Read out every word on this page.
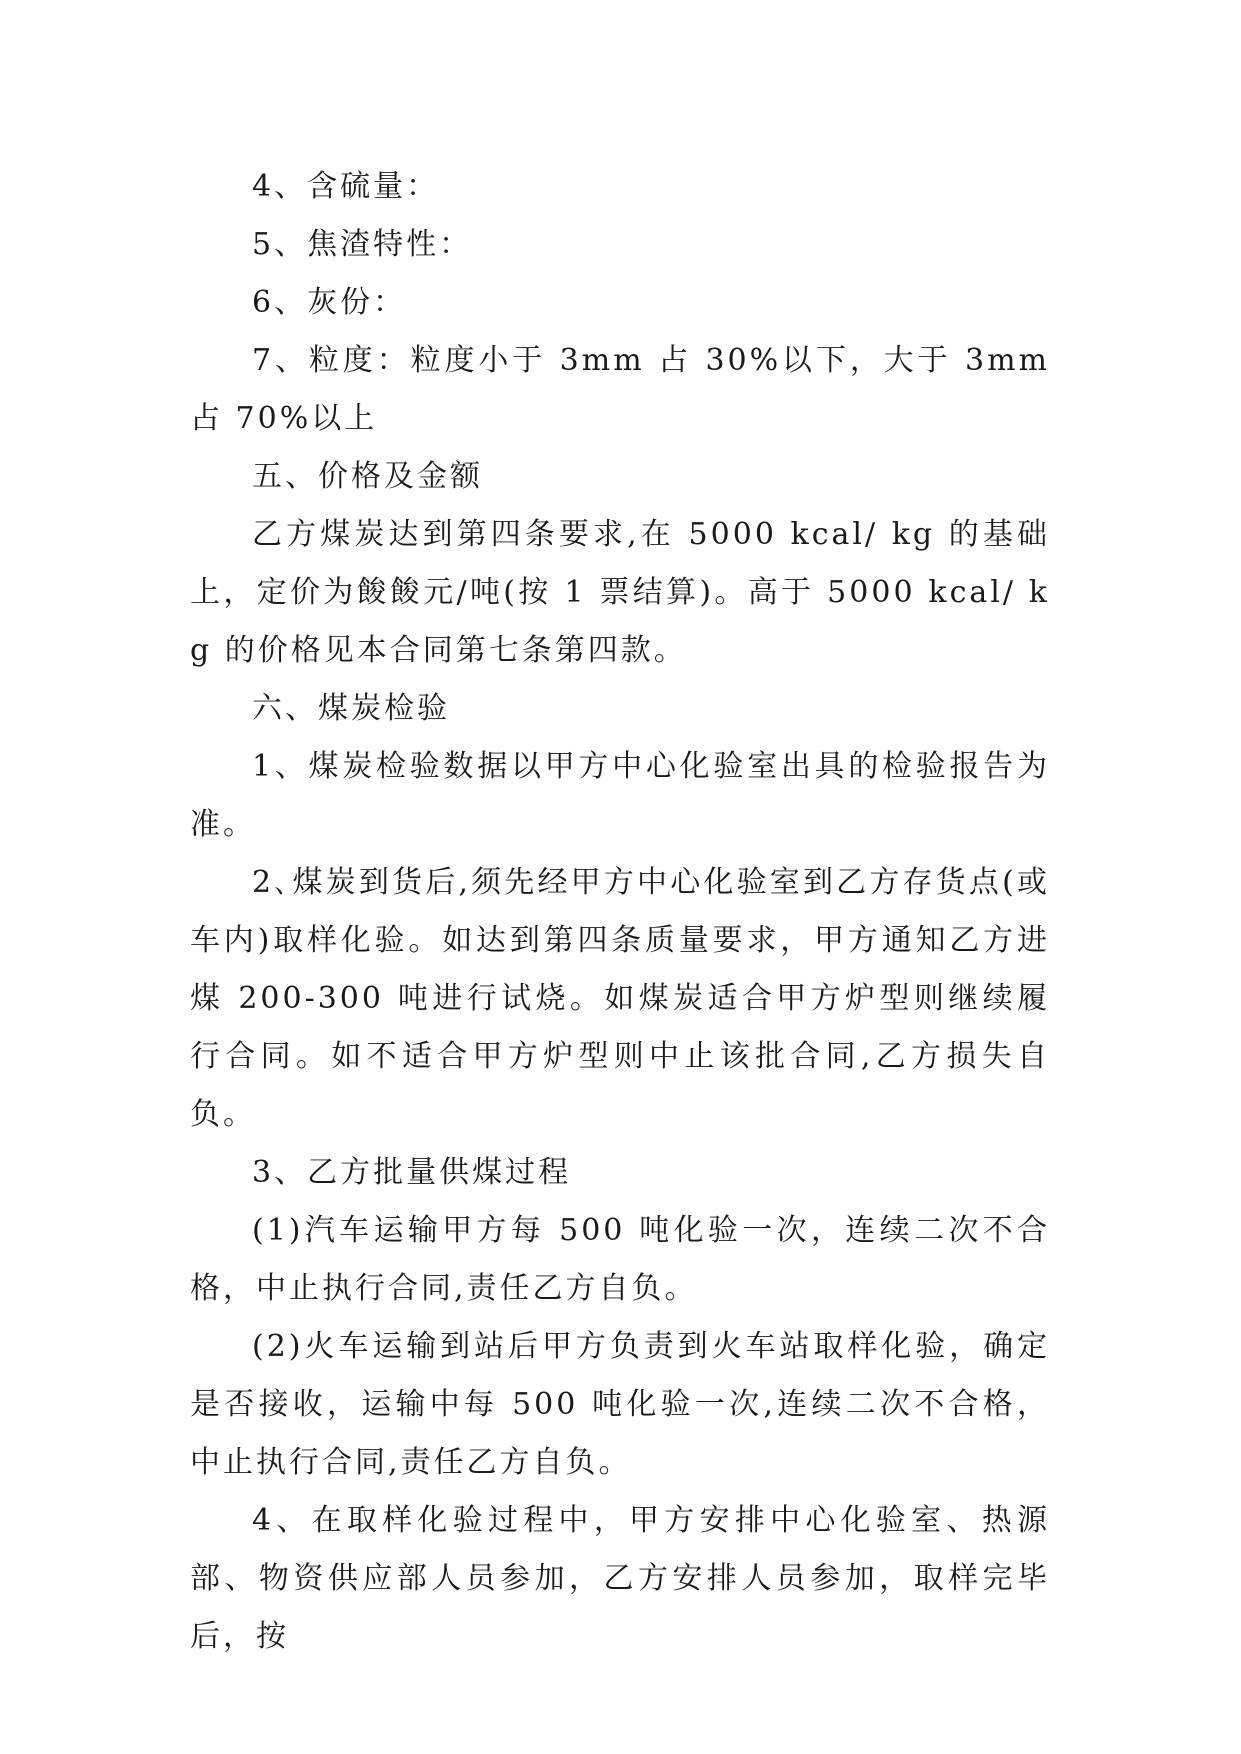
4、含硫量：

5、焦渣特性：

6、灰份：

7、粒度：粒度小于 3mm 占 30%以下，大于 3mm 占 70%以上

五、价格及金额

乙方煤炭达到第四条要求,在 5000 kcal/ kg 的基础上，定价为餕餕元/吨(按 1 票结算)。高于 5000 kcal/ kg 的价格见本合同第七条第四款。

六、煤炭检验

1、煤炭检验数据以甲方中心化验室出具的检验报告为准。

2､煤炭到货后,须先经甲方中心化验室到乙方存货点(或车内)取样化验。如达到第四条质量要求，甲方通知乙方进煤 200-300 吨进行试烧。如煤炭适合甲方炉型则继续履行合同。如不适合甲方炉型则中止该批合同,乙方损失自负。

3、乙方批量供煤过程

(1)汽车运输甲方每 500 吨化验一次，连续二次不合格，中止执行合同,责任乙方自负。

(2)火车运输到站后甲方负责到火车站取样化验，确定是否接收，运输中每 500 吨化验一次,连续二次不合格，中止执行合同,责任乙方自负。

4、在取样化验过程中，甲方安排中心化验室、热源部、物资供应部人员参加，乙方安排人员参加，取样完毕后，按
